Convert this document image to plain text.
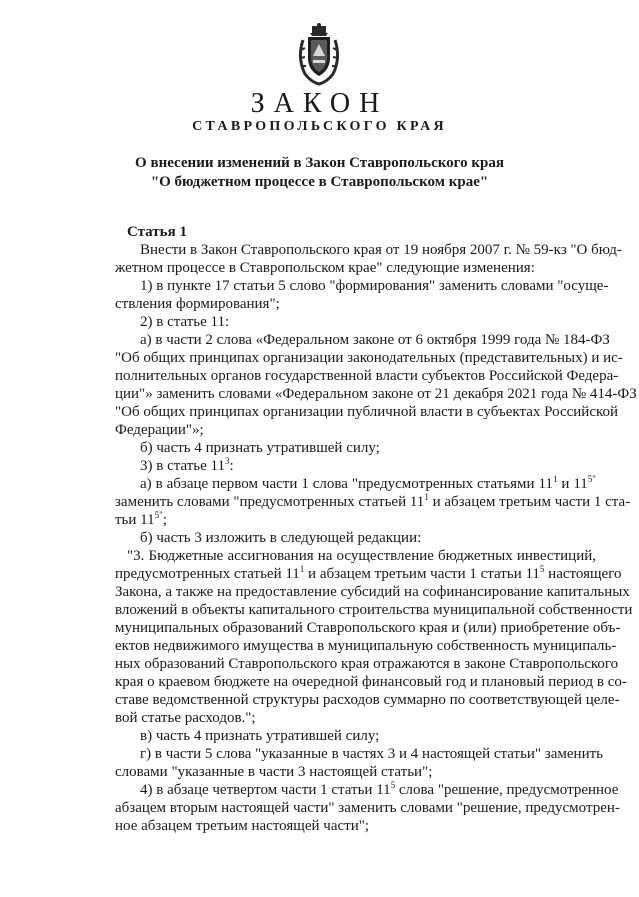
ЗАКОН
СТАВРОПОЛЬСКОГО КРАЯ
О внесении изменений в Закон Ставропольского края
"О бюджетном процессе в Ставропольском крае"
Статья 1
Внести в Закон Ставропольского края от 19 ноября 2007 г. № 59-кз "О бюд-
жетном процессе в Ставропольском крае" следующие изменения:
1) в пункте 17 статьи 5 слово "формирования" заменить словами "осуще-
ствления формирования";
2) в статье 11:
а) в части 2 слова «Федеральном законе от 6 октября 1999 года № 184-ФЗ
"Об общих принципах организации законодательных (представительных) и ис-
полнительных органов государственной власти субъектов Российской Федера-
ции"» заменить словами «Федеральном законе от 21 декабря 2021 года № 414-ФЗ
"Об общих принципах организации публичной власти в субъектах Российской
Федерации"»;
б) часть 4 признать утратившей силу;
3) в статье $11^3$:
а) в абзаце первом части 1 слова "предусмотренных статьями $11^1$ и $11^{5"}$
заменить словами "предусмотренных статьей $11^1$ и абзацем третьим части 1 ста-
тьи $11^{5"}$;
б) часть 3 изложить в следующей редакции:
"3. Бюджетные ассигнования на осуществление бюджетных инвестиций,
предусмотренных статьей $11^1$ и абзацем третьим части 1 статьи $11^5$ настоящего
Закона, а также на предоставление субсидий на софинансирование капитальных
вложений в объекты капитального строительства муниципальной собственности
муниципальных образований Ставропольского края и (или) приобретение объ-
ектов недвижимого имущества в муниципальную собственность муниципаль-
ных образований Ставропольского края отражаются в законе Ставропольского
края о краевом бюджете на очередной финансовый год и плановый период в со-
ставе ведомственной структуры расходов суммарно по соответствующей целе-
вой статье расходов.";
в) часть 4 признать утратившей силу;
г) в части 5 слова "указанные в частях 3 и 4 настоящей статьи" заменить
словами "указанные в части 3 настоящей статьи";
4) в абзаце четвертом части 1 статьи $11^5$ слова "решение, предусмотренное
абзацем вторым настоящей части" заменить словами "решение, предусмотрен-
ное абзацем третьим настоящей части";
